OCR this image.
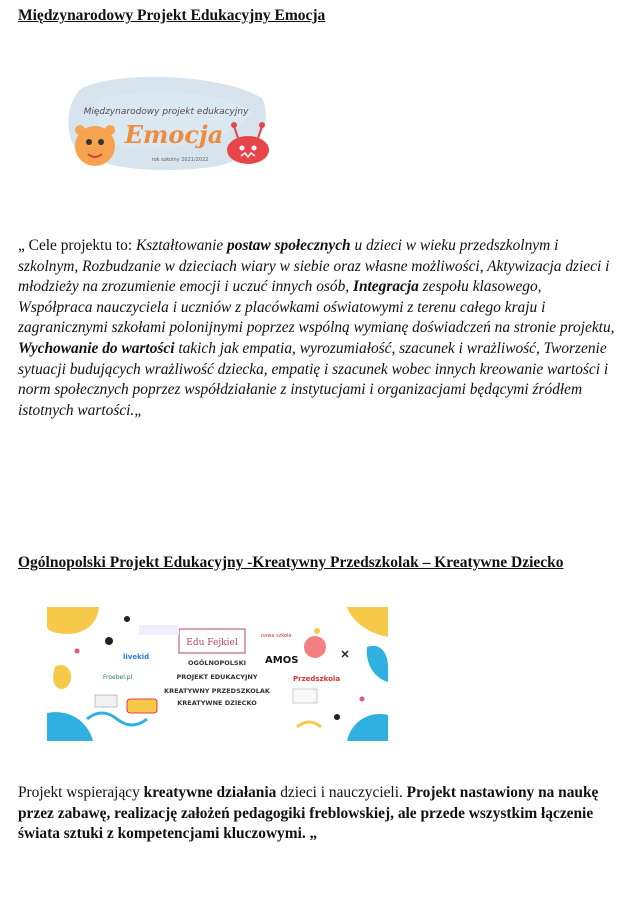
Międzynarodowy Projekt Edukacyjny Emocja
Międzynarodowy projekt edukacyjny
Emocja
rok szkolny 2021/2022
„ Cele projektu to: Kształtowanie postaw społecznych u dzieci w wieku przedszkolnym i szkolnym, Rozbudzanie w dzieciach wiary w siebie oraz własne możliwości, Aktywizacja dzieci i młodzieży na zrozumienie emocji i uczuć innych osób, Integracja zespołu klasowego, Współpraca nauczyciela i uczniów z placówkami oświatowymi z terenu całego kraju i zagranicznymi szkołami polonijnymi poprzez wspólną wymianę doświadczeń na stronie projektu, Wychowanie do wartości takich jak empatia, wyrozumiałość, szacunek i wrażliwość, Tworzenie sytuacji budujących wrażliwość dziecka, empatię i szacunek wobec innych kreowanie wartości i norm społecznych poprzez współdziałanie z instytucjami i organizacjami będącymi źródłem istotnych wartości.„
Ogólnopolski Projekt Edukacyjny -Kreatywny Przedszkolak – Kreatywne Dziecko
Edu Fejkiel
OGÓLNOPOLSKI
PROJEKT EDUKACYJNY
KREATYWNY PRZEDSZKOLAK
KREATYWNE DZIECKO
livekid	AMOS
nowa szkoła
Froebel.pl	Przedszkola
Projekt wspierający kreatywne działania dzieci i nauczycieli. Projekt nastawiony na naukę przez zabawę, realizację założeń pedagogiki freblowskiej, ale przede wszystkim łączenie świata sztuki z kompetencjami kluczowymi. „
